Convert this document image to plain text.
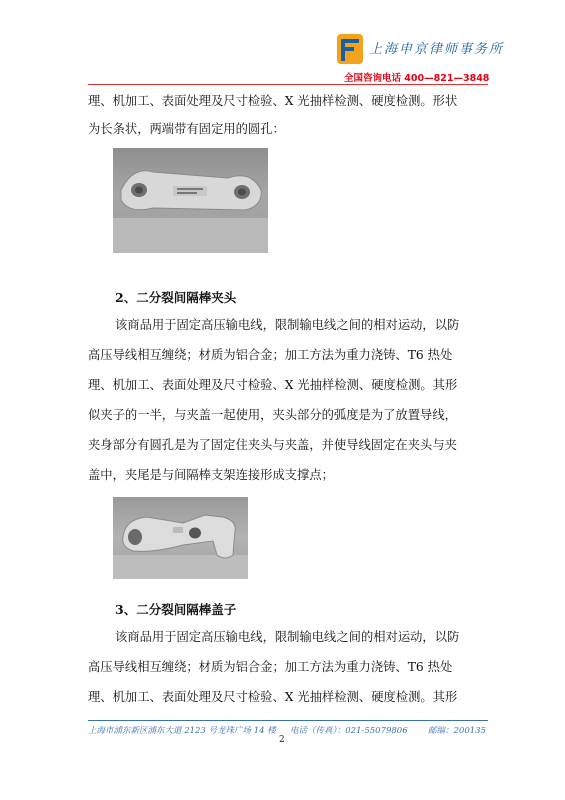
上海申京律师事务所
全国咨询电话 400—821—3848
理、机加工、表面处理及尺寸检验、X 光抽样检测、硬度检测。形状
为长条状，两端带有固定用的圆孔：
2、二分裂间隔棒夹头
该商品用于固定高压输电线，限制输电线之间的相对运动，以防
高压导线相互缠绕；材质为铝合金；加工方法为重力浇铸、T6 热处
理、机加工、表面处理及尺寸检验、X 光抽样检测、硬度检测。其形
似夹子的一半，与夹盖一起使用，夹头部分的弧度是为了放置导线，
夹身部分有圆孔是为了固定住夹头与夹盖，并使导线固定在夹头与夹
盖中，夹尾是与间隔棒支架连接形成支撑点；
3、二分裂间隔棒盖子
该商品用于固定高压输电线，限制输电线之间的相对运动，以防
高压导线相互缠绕；材质为铝合金；加工方法为重力浇铸、T6 热处
理、机加工、表面处理及尺寸检验、X 光抽样检测、硬度检测。其形
上海市浦东新区浦东大道 2123 号龙珠广场 14 楼 电话（传真）：021-55079806 邮编：200135
2
